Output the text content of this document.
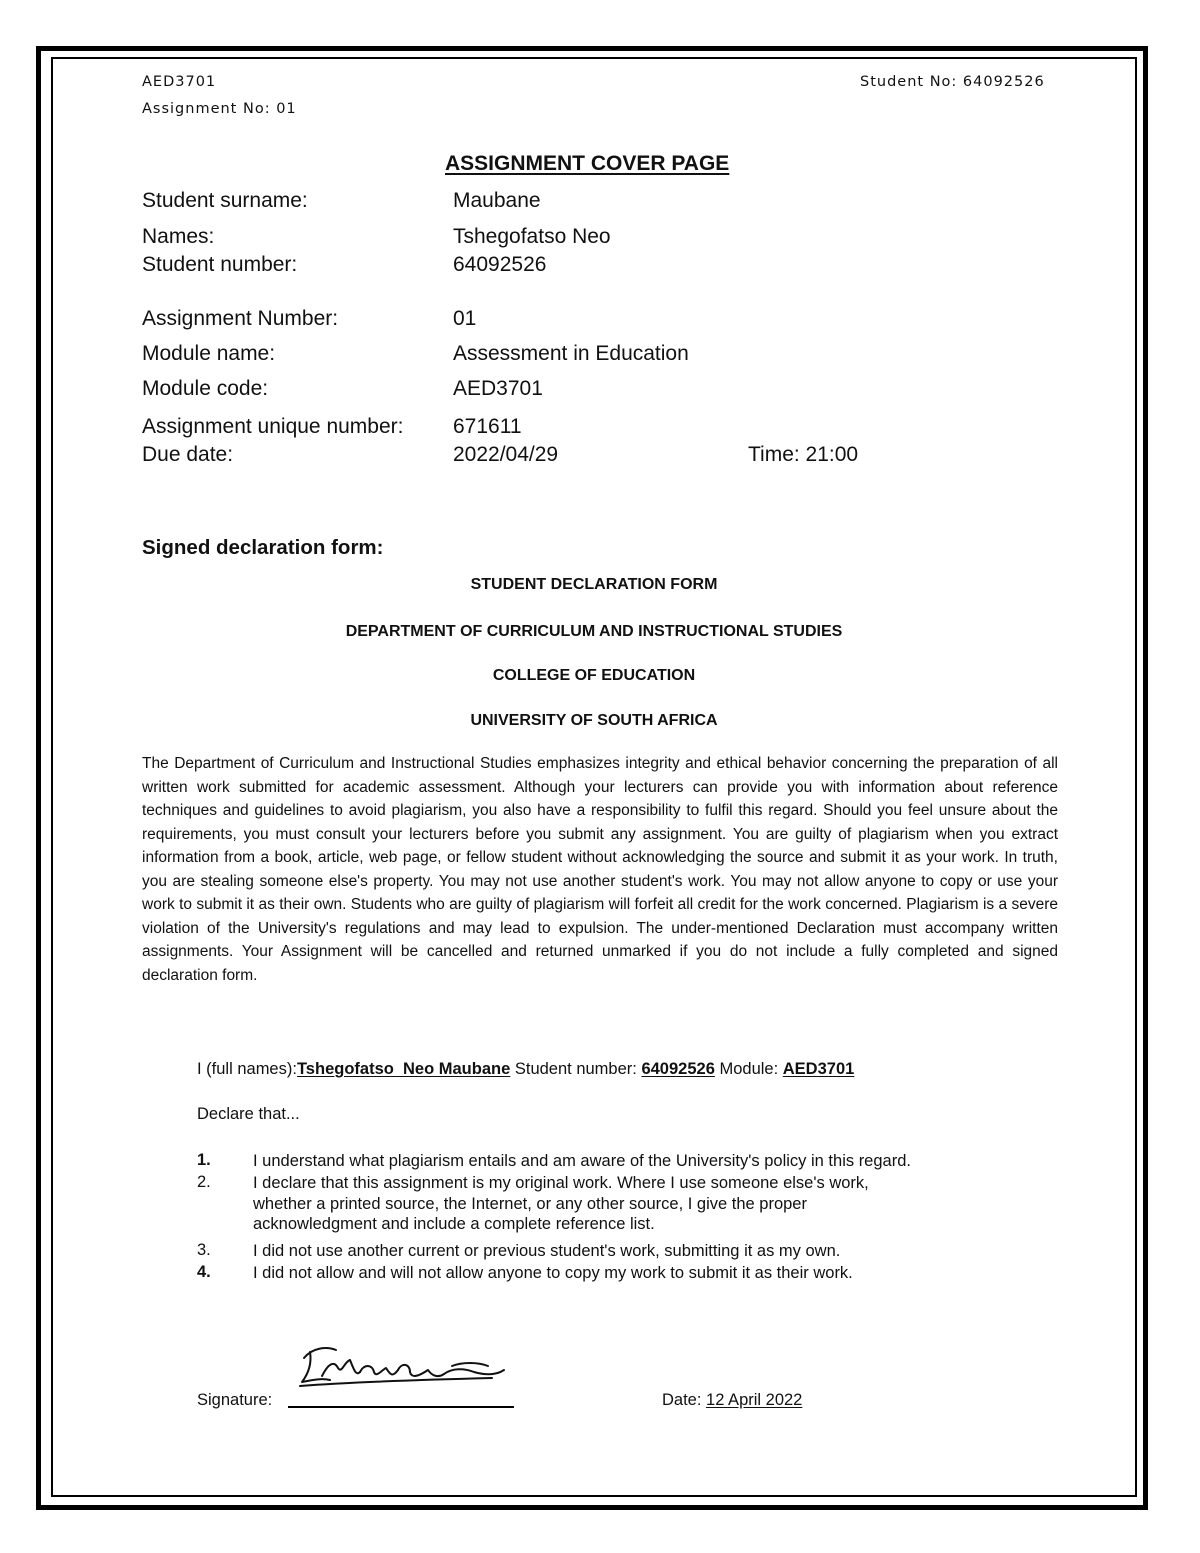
AED3701
Assignment No: 01
Student No: 64092526
ASSIGNMENT COVER PAGE
Student surname:	Maubane
Names:	Tshegofatso Neo
Student number:	64092526
Assignment Number:	01
Module name:	Assessment in Education
Module code:	AED3701
Assignment unique number: 671611
Due date:	2022/04/29	Time: 21:00
Signed declaration form:
STUDENT DECLARATION FORM
DEPARTMENT OF CURRICULUM AND INSTRUCTIONAL STUDIES
COLLEGE OF EDUCATION
UNIVERSITY OF SOUTH AFRICA
The Department of Curriculum and Instructional Studies emphasizes integrity and ethical behavior concerning the preparation of all written work submitted for academic assessment. Although your lecturers can provide you with information about reference techniques and guidelines to avoid plagiarism, you also have a responsibility to fulfil this regard. Should you feel unsure about the requirements, you must consult your lecturers before you submit any assignment. You are guilty of plagiarism when you extract information from a book, article, web page, or fellow student without acknowledging the source and submit it as your work. In truth, you are stealing someone else's property. You may not use another student's work. You may not allow anyone to copy or use your work to submit it as their own. Students who are guilty of plagiarism will forfeit all credit for the work concerned. Plagiarism is a severe violation of the University's regulations and may lead to expulsion. The under-mentioned Declaration must accompany written assignments. Your Assignment will be cancelled and returned unmarked if you do not include a fully completed and signed declaration form.
I (full names):Tshegofatso  Neo Maubane Student number: 64092526 Module: AED3701
Declare that...
1.	I understand what plagiarism entails and am aware of the University's policy in this regard.
2.	I declare that this assignment is my original work. Where I use someone else's work, whether a printed source, the Internet, or any other source, I give the proper acknowledgment and include a complete reference list.
3.	I did not use another current or previous student's work, submitting it as my own.
4.	I did not allow and will not allow anyone to copy my work to submit it as their work.
Signature:	Date: 12 April 2022
